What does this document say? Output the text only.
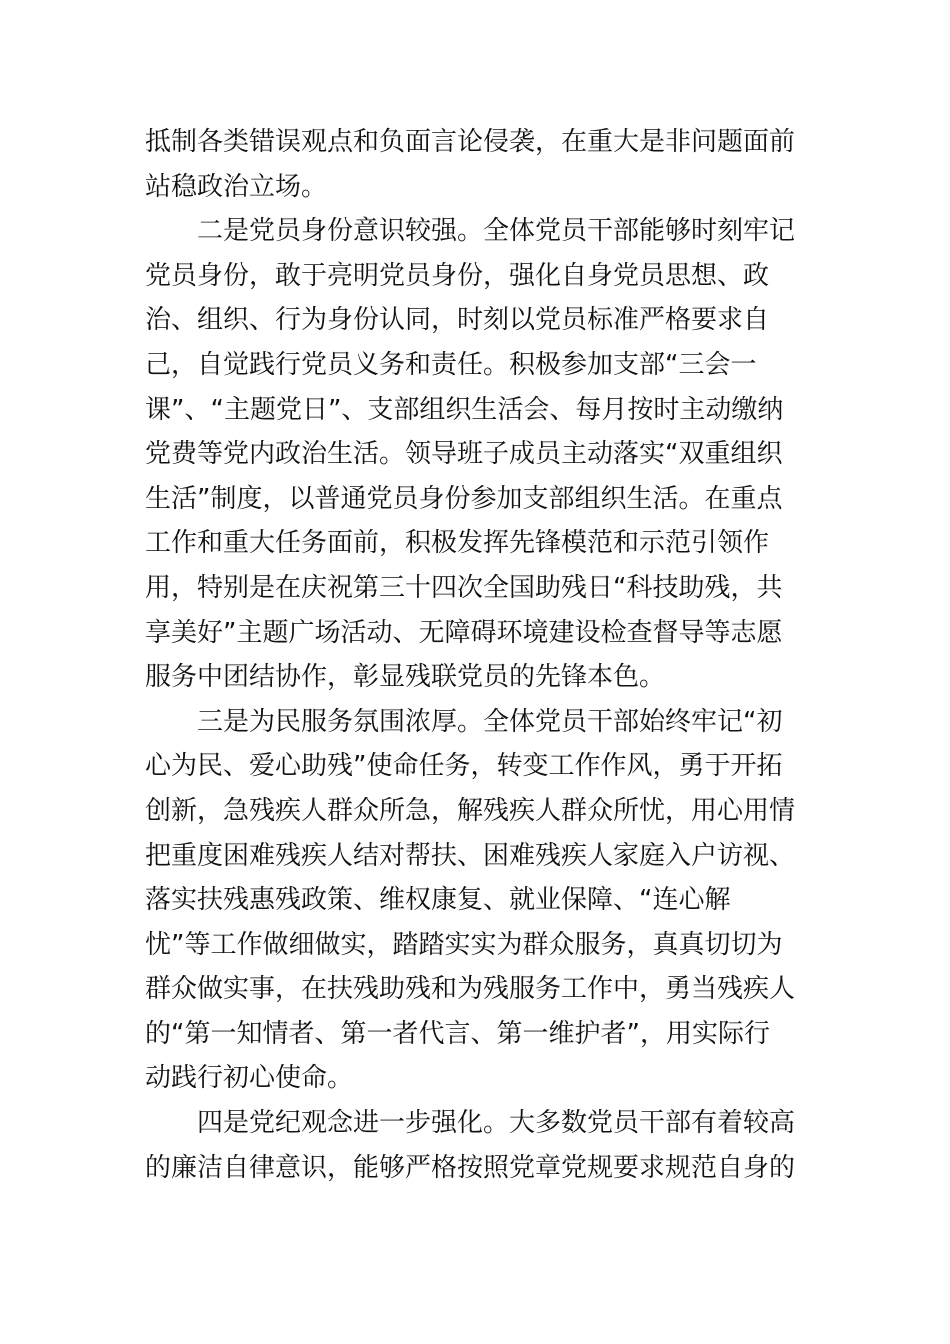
抵制各类错误观点和负面言论侵袭，在重大是非问题面前站稳政治立场。

　　二是党员身份意识较强。全体党员干部能够时刻牢记党员身份，敢于亮明党员身份，强化自身党员思想、政治、组织、行为身份认同，时刻以党员标准严格要求自己，自觉践行党员义务和责任。积极参加支部“三会一课”、“主题党日”、支部组织生活会、每月按时主动缴纳党费等党内政治生活。领导班子成员主动落实“双重组织生活”制度，以普通党员身份参加支部组织生活。在重点工作和重大任务面前，积极发挥先锋模范和示范引领作用，特别是在庆祝第三十四次全国助残日“科技助残，共享美好”主题广场活动、无障碍环境建设检查督导等志愿服务中团结协作，彰显残联党员的先锋本色。

　　三是为民服务氛围浓厚。全体党员干部始终牢记“初心为民、爱心助残”使命任务，转变工作作风，勇于开拓创新，急残疾人群众所急，解残疾人群众所忧，用心用情把重度困难残疾人结对帮扶、困难残疾人家庭入户访视、落实扶残惠残政策、维权康复、就业保障、“连心解忧”等工作做细做实，踏踏实实为群众服务，真真切切为群众做实事，在扶残助残和为残服务工作中，勇当残疾人的“第一知情者、第一者代言、第一维护者”，用实际行动践行初心使命。

　　四是党纪观念进一步强化。大多数党员干部有着较高的廉洁自律意识，能够严格按照党章党规要求规范自身的
